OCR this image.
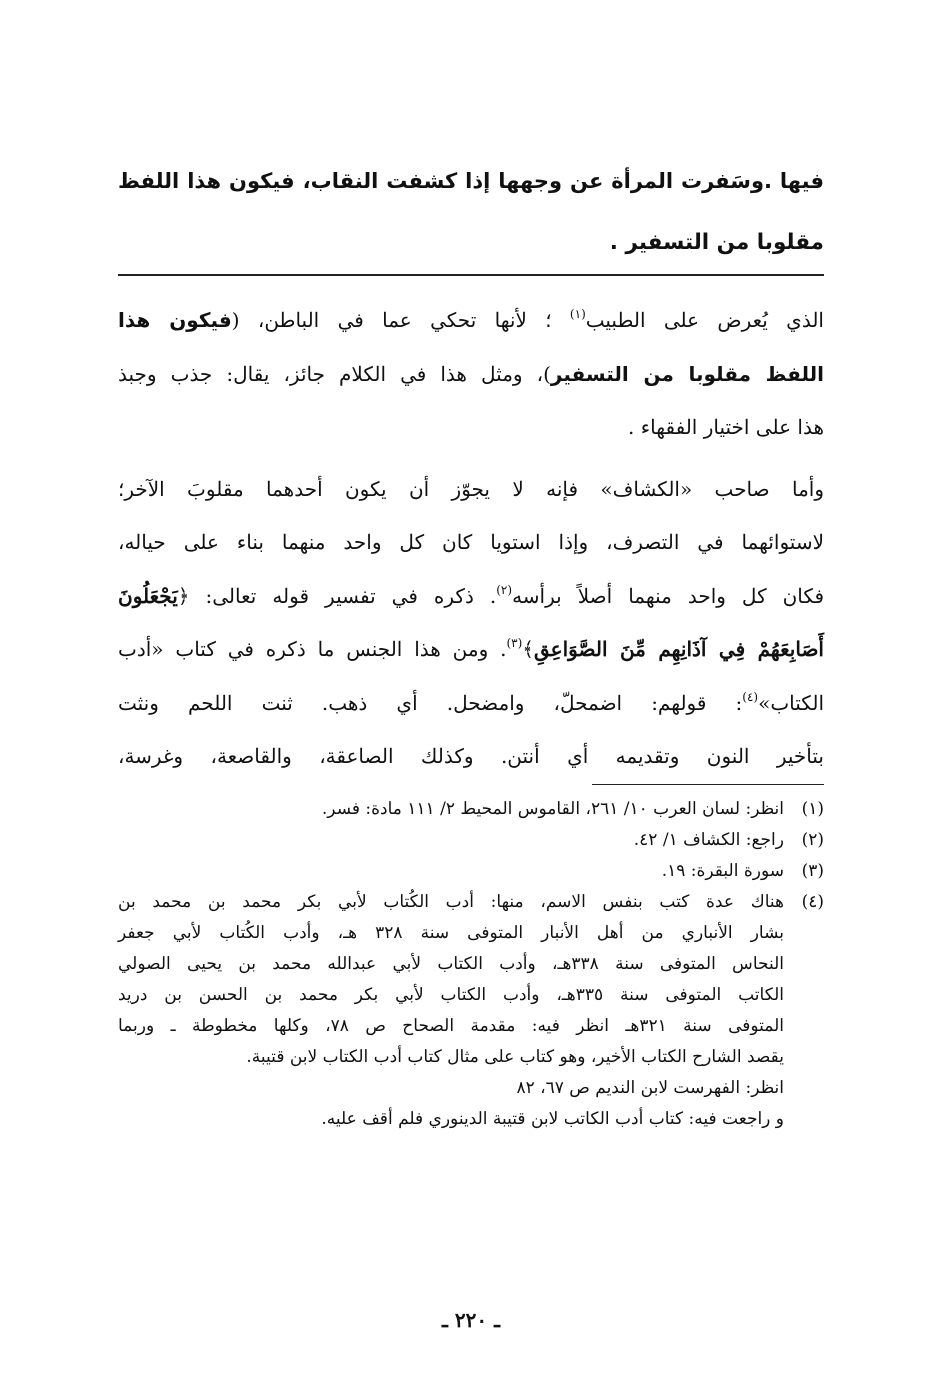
فيها .وسَفرت المرأة عن وجهها إذا كشفت النقاب، فيكون هذا اللفظ
مقلوبا من التسفير .
الذي يُعرض على الطبيب$^{(١)}$ ؛ لأنها تحكي عما في الباطن، (فيكون هذا
اللفظ مقلوبا من التسفير)، ومثل هذا في الكلام جائز، يقال: جذب وجبذ
هذا على اختيار الفقهاء .
وأما صاحب «الكشاف» فإنه لا يجوّز أن يكون أحدهما مقلوبَ الآخر؛
لاستوائهما في التصرف، وإذا استويا كان كل واحد منهما بناء على حياله،
فكان كل واحد منهما أصلاً برأسه$^{(٢)}$. ذكره في تفسير قوله تعالى: ﴿يَجْعَلُونَ
أَصَابِعَهُمْ فِي آذَانِهِم مِّنَ الصَّوَاعِقِ﴾$^{(٣)}$. ومن هذا الجنس ما ذكره في كتاب «أدب
الكتاب»$^{(٤)}$: قولهم: اضمحلّ، وامضحل. أي ذهب. ثنت اللحم ونثت
بتأخير النون وتقديمه أي أنتن. وكذلك الصاعقة، والقاصعة، وغرسة،
(١)
انظر: لسان العرب ١٠/ ٢٦١، القاموس المحيط ٢/ ١١١ مادة: فسر.
(٢)
راجع: الكشاف ١/ ٤٢.
(٣)
سورة البقرة: ١٩.
(٤)
هناك عدة كتب بنفس الاسم، منها: أدب الكُتاب لأبي بكر محمد بن محمد بن
بشار الأنباري من أهل الأنبار المتوفى سنة ٣٢٨ هـ، وأدب الكُتاب لأبي جعفر
النحاس المتوفى سنة ٣٣٨هـ، وأدب الكتاب لأبي عبدالله محمد بن يحيى الصولي
الكاتب المتوفى سنة ٣٣٥هـ، وأدب الكتاب لأبي بكر محمد بن الحسن بن دريد
المتوفى سنة ٣٢١هـ انظر فيه: مقدمة الصحاح ص ٧٨، وكلها مخطوطة ـ وربما
يقصد الشارح الكتاب الأخير، وهو كتاب على مثال كتاب أدب الكتاب لابن قتيبة.
انظر: الفهرست لابن النديم ص ٦٧، ٨٢
و راجعت فيه: كتاب أدب الكاتب لابن قتيبة الدينوري فلم أقف عليه.
ـ ٢٢٠ ـ
